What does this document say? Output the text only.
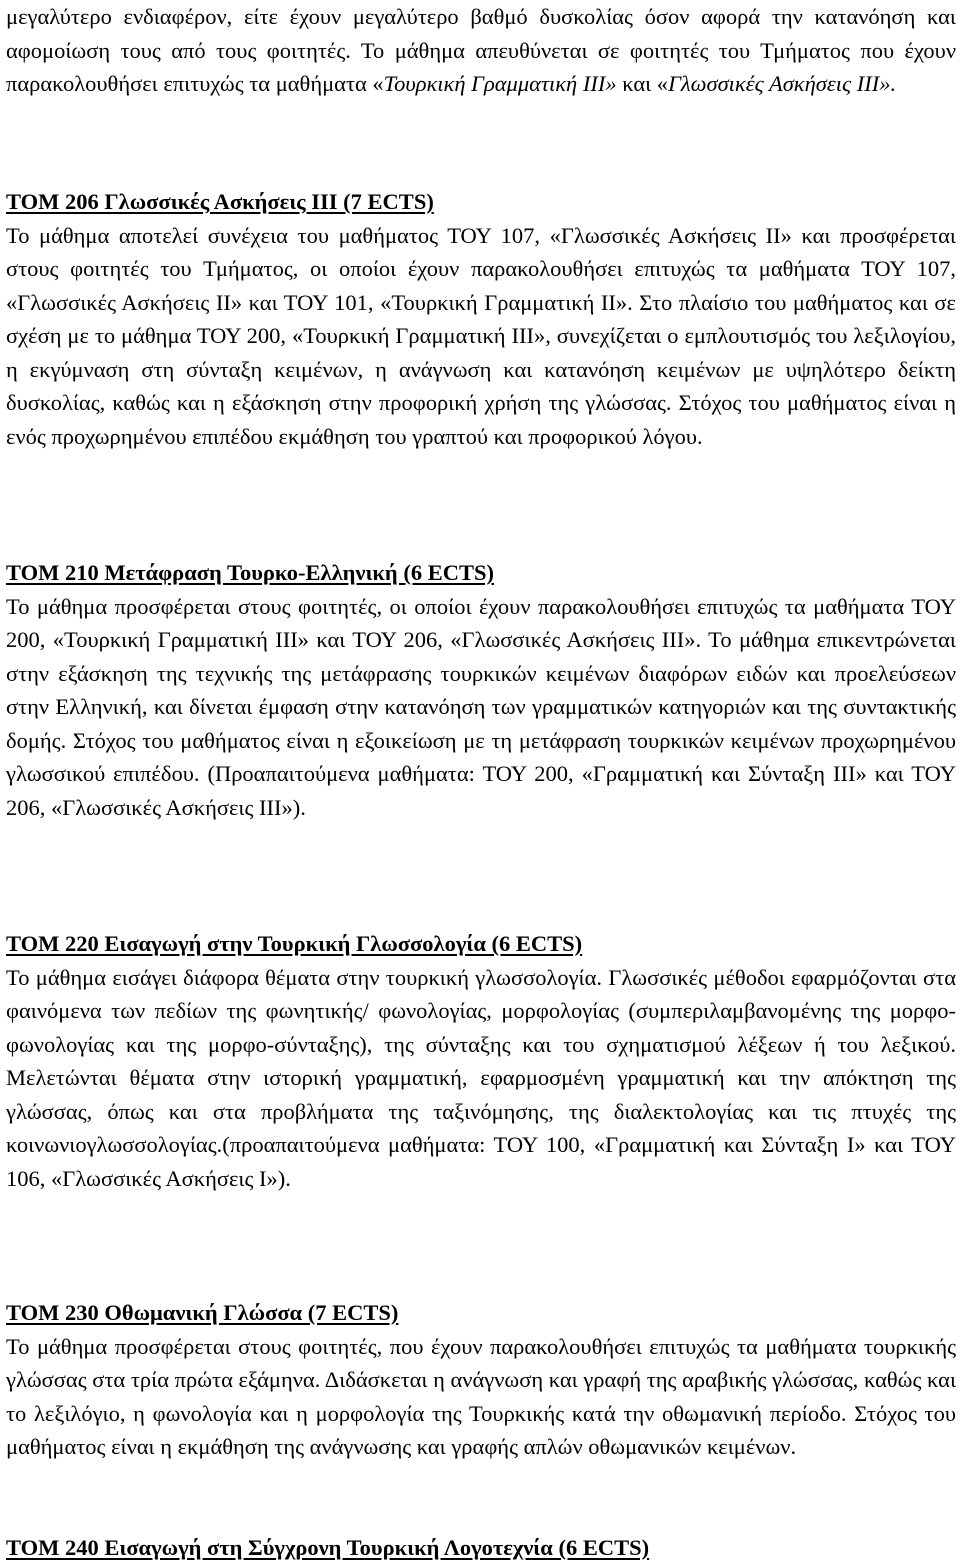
μεγαλύτερο ενδιαφέρον, είτε έχουν μεγαλύτερο βαθμό δυσκολίας όσον αφορά την κατανόηση και αφομοίωση τους από τους φοιτητές. Το μάθημα απευθύνεται σε φοιτητές του Τμήματος που έχουν παρακολουθήσει επιτυχώς τα μαθήματα «Τουρκική Γραμματική ΙΙΙ» και «Γλωσσικές Ασκήσεις ΙΙΙ».

ΤΟΜ 206 Γλωσσικές Ασκήσεις ΙΙΙ (7 ECTS)

Το μάθημα αποτελεί συνέχεια του μαθήματος ΤΟΥ 107, «Γλωσσικές Ασκήσεις ΙΙ» και προσφέρεται στους φοιτητές του Τμήματος, οι οποίοι έχουν παρακολουθήσει επιτυχώς τα μαθήματα ΤΟΥ 107, «Γλωσσικές Ασκήσεις ΙΙ» και ΤΟΥ 101, «Τουρκική Γραμματική ΙΙ». Στο πλαίσιο του μαθήματος και σε σχέση με το μάθημα ΤΟΥ 200, «Τουρκική Γραμματική ΙΙΙ», συνεχίζεται ο εμπλουτισμός του λεξιλογίου, η εκγύμναση στη σύνταξη κειμένων, η ανάγνωση και κατανόηση κειμένων με υψηλότερο δείκτη δυσκολίας, καθώς και η εξάσκηση στην προφορική χρήση της γλώσσας. Στόχος του μαθήματος είναι η ενός προχωρημένου επιπέδου εκμάθηση του γραπτού και προφορικού λόγου.

ΤΟΜ 210 Μετάφραση Τουρκο-Ελληνική (6 ECTS)

Το μάθημα προσφέρεται στους φοιτητές, οι οποίοι έχουν παρακολουθήσει επιτυχώς τα μαθήματα ΤΟΥ 200, «Τουρκική Γραμματική ΙΙΙ» και ΤΟΥ 206, «Γλωσσικές Ασκήσεις ΙΙΙ». Το μάθημα επικεντρώνεται στην εξάσκηση της τεχνικής της μετάφρασης τουρκικών κειμένων διαφόρων ειδών και προελεύσεων στην Ελληνική, και δίνεται έμφαση στην κατανόηση των γραμματικών κατηγοριών και της συντακτικής δομής. Στόχος του μαθήματος είναι η εξοικείωση με τη μετάφραση τουρκικών κειμένων προχωρημένου γλωσσικού επιπέδου. (Προαπαιτούμενα μαθήματα: ΤΟΥ 200, «Γραμματική και Σύνταξη ΙΙΙ» και ΤΟΥ 206, «Γλωσσικές Ασκήσεις ΙΙΙ»).

ΤΟΜ 220 Εισαγωγή στην Τουρκική Γλωσσολογία (6 ECTS)

Το μάθημα εισάγει διάφορα θέματα στην τουρκική γλωσσολογία. Γλωσσικές μέθοδοι εφαρμόζονται στα φαινόμενα των πεδίων της φωνητικής/ φωνολογίας, μορφολογίας (συμπεριλαμβανομένης της μορφο-φωνολογίας και της μορφο-σύνταξης), της σύνταξης και του σχηματισμού λέξεων ή του λεξικού. Μελετώνται θέματα στην ιστορική γραμματική, εφαρμοσμένη γραμματική και την απόκτηση της γλώσσας, όπως και στα προβλήματα της ταξινόμησης, της διαλεκτολογίας και τις πτυχές της κοινωνιογλωσσολογίας.(προαπαιτούμενα μαθήματα: ΤΟΥ 100, «Γραμματική και Σύνταξη Ι» και ΤΟΥ 106, «Γλωσσικές Ασκήσεις Ι»).

ΤΟΜ 230 Οθωμανική Γλώσσα (7 ECTS)

Το μάθημα προσφέρεται στους φοιτητές, που έχουν παρακολουθήσει επιτυχώς τα μαθήματα τουρκικής γλώσσας στα τρία πρώτα εξάμηνα. Διδάσκεται η ανάγνωση και γραφή της αραβικής γλώσσας, καθώς και το λεξιλόγιο, η φωνολογία και η μορφολογία της Τουρκικής κατά την οθωμανική περίοδο. Στόχος του μαθήματος είναι η εκμάθηση της ανάγνωσης και γραφής απλών οθωμανικών κειμένων.

ΤΟΜ 240 Εισαγωγή στη Σύγχρονη Τουρκική Λογοτεχνία (6 ECTS)
